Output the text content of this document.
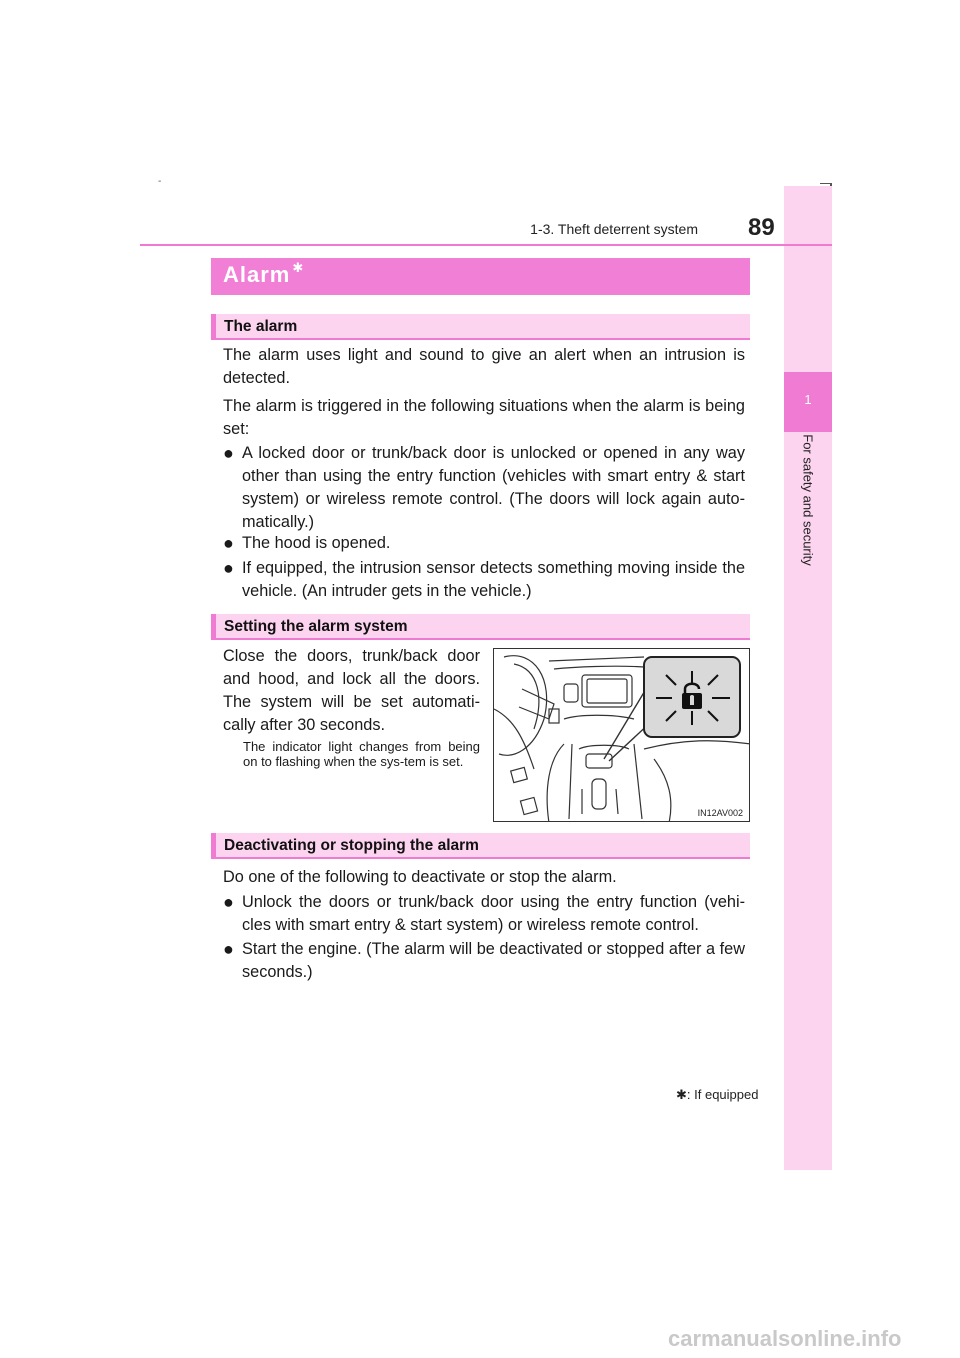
-
1
For safety and security
1-3. Theft deterrent system 89
Alarm ✱
The alarm
The alarm uses light and sound to give an alert when an intrusion is detected.
The alarm is triggered in the following situations when the alarm is being set:
● A locked door or trunk/back door is unlocked or opened in any way other than using the entry function (vehicles with smart entry & start system) or wireless remote control. (The doors will lock again auto-matically.)
● The hood is opened.
● If equipped, the intrusion sensor detects something moving inside the vehicle. (An intruder gets in the vehicle.)
Setting the alarm system
Close the doors, trunk/back door and hood, and lock all the doors. The system will be set automati-cally after 30 seconds.
The indicator light changes from being on to flashing when the sys-tem is set.
IN12AV002
Deactivating or stopping the alarm
Do one of the following to deactivate or stop the alarm.
● Unlock the doors or trunk/back door using the entry function (vehi-cles with smart entry & start system) or wireless remote control.
● Start the engine. (The alarm will be deactivated or stopped after a few seconds.)
✱: If equipped
carmanualsonline.info
